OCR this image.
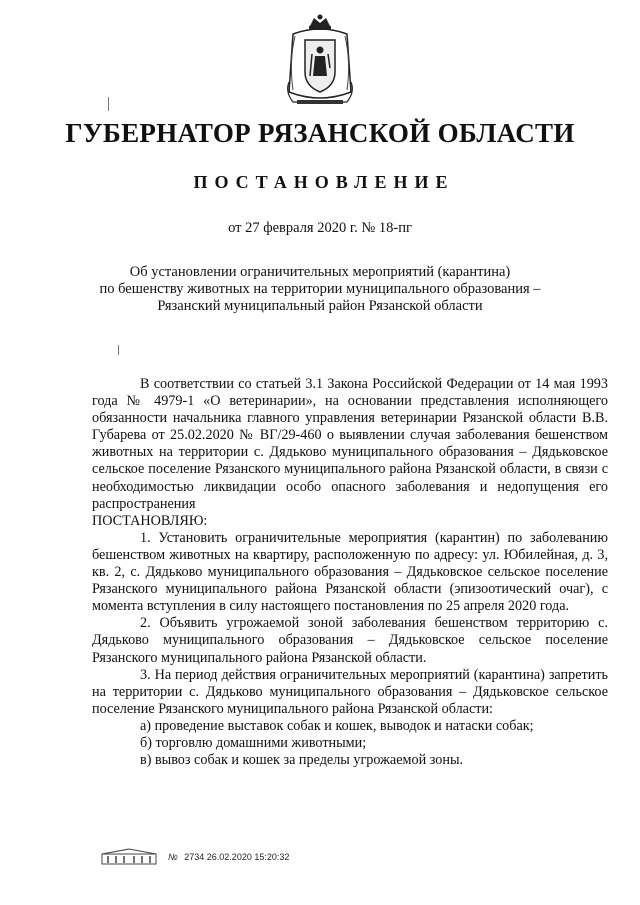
ГУБЕРНАТОР РЯЗАНСКОЙ ОБЛАСТИ
ПОСТАНОВЛЕНИЕ
от 27 февраля 2020 г. № 18-пг
Об установлении ограничительных мероприятий (карантина)
по бешенству животных на территории муниципального образования –
Рязанский муниципальный район Рязанской области

В соответствии со статьей 3.1 Закона Российской Федерации от 14 мая 1993 года № 4979-1 «О ветеринарии», на основании представления исполняющего обязанности начальника главного управления ветеринарии Рязанской области В.В. Губарева от 25.02.2020 № ВГ/29-460 о выявлении случая заболевания бешенством животных на территории с. Дядьково муниципального образования – Дядьковское сельское поселение Рязанского муниципального района Рязанской области, в связи с необходимостью ликвидации особо опасного заболевания и недопущения его распространения

ПОСТАНОВЛЯЮ:

1. Установить ограничительные мероприятия (карантин) по заболеванию бешенством животных на квартиру, расположенную по адресу: ул. Юбилейная, д. 3, кв. 2, с. Дядьково муниципального образования – Дядьковское сельское поселение Рязанского муниципального района Рязанской области (эпизоотический очаг), с момента вступления в силу настоящего постановления по 25 апреля 2020 года.

2. Объявить угрожаемой зоной заболевания бешенством территорию с. Дядьково муниципального образования – Дядьковское сельское поселение Рязанского муниципального района Рязанской области.

3. На период действия ограничительных мероприятий (карантина) запретить на территории с. Дядьково муниципального образования – Дядьковское сельское поселение Рязанского муниципального района Рязанской области:

а) проведение выставок собак и кошек, выводок и натаски собак;

б) торговлю домашними животными;

в) вывоз собак и кошек за пределы угрожаемой зоны.

№ 2734 26.02.2020 15:20:32
